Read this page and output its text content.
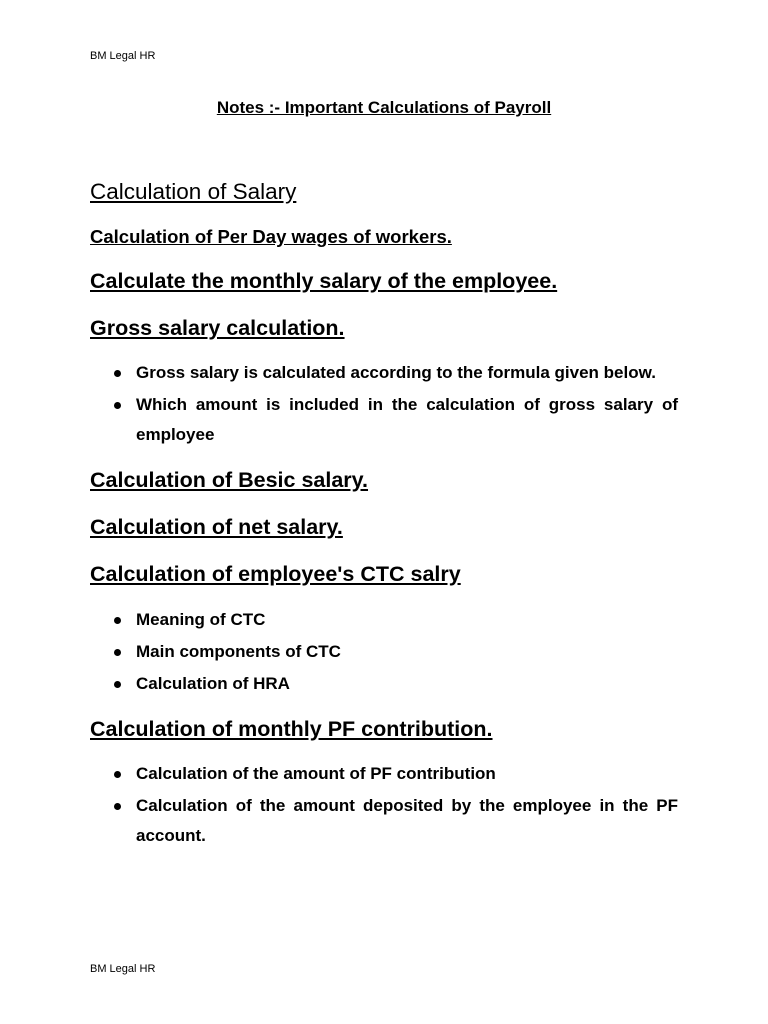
BM Legal HR
Notes :- Important Calculations of Payroll
Calculation of Salary
Calculation of Per Day wages of workers.
Calculate the monthly salary of the employee.
Gross salary calculation.
Gross salary is calculated according to the formula given below.
Which amount is included in the calculation of gross salary of employee
Calculation of Besic salary.
Calculation of net salary.
Calculation of employee's CTC salry
Meaning of CTC
Main components of CTC
Calculation of HRA
Calculation of monthly PF contribution.
Calculation of the amount of PF contribution
Calculation of the amount deposited by the employee in the PF account.
BM Legal HR
